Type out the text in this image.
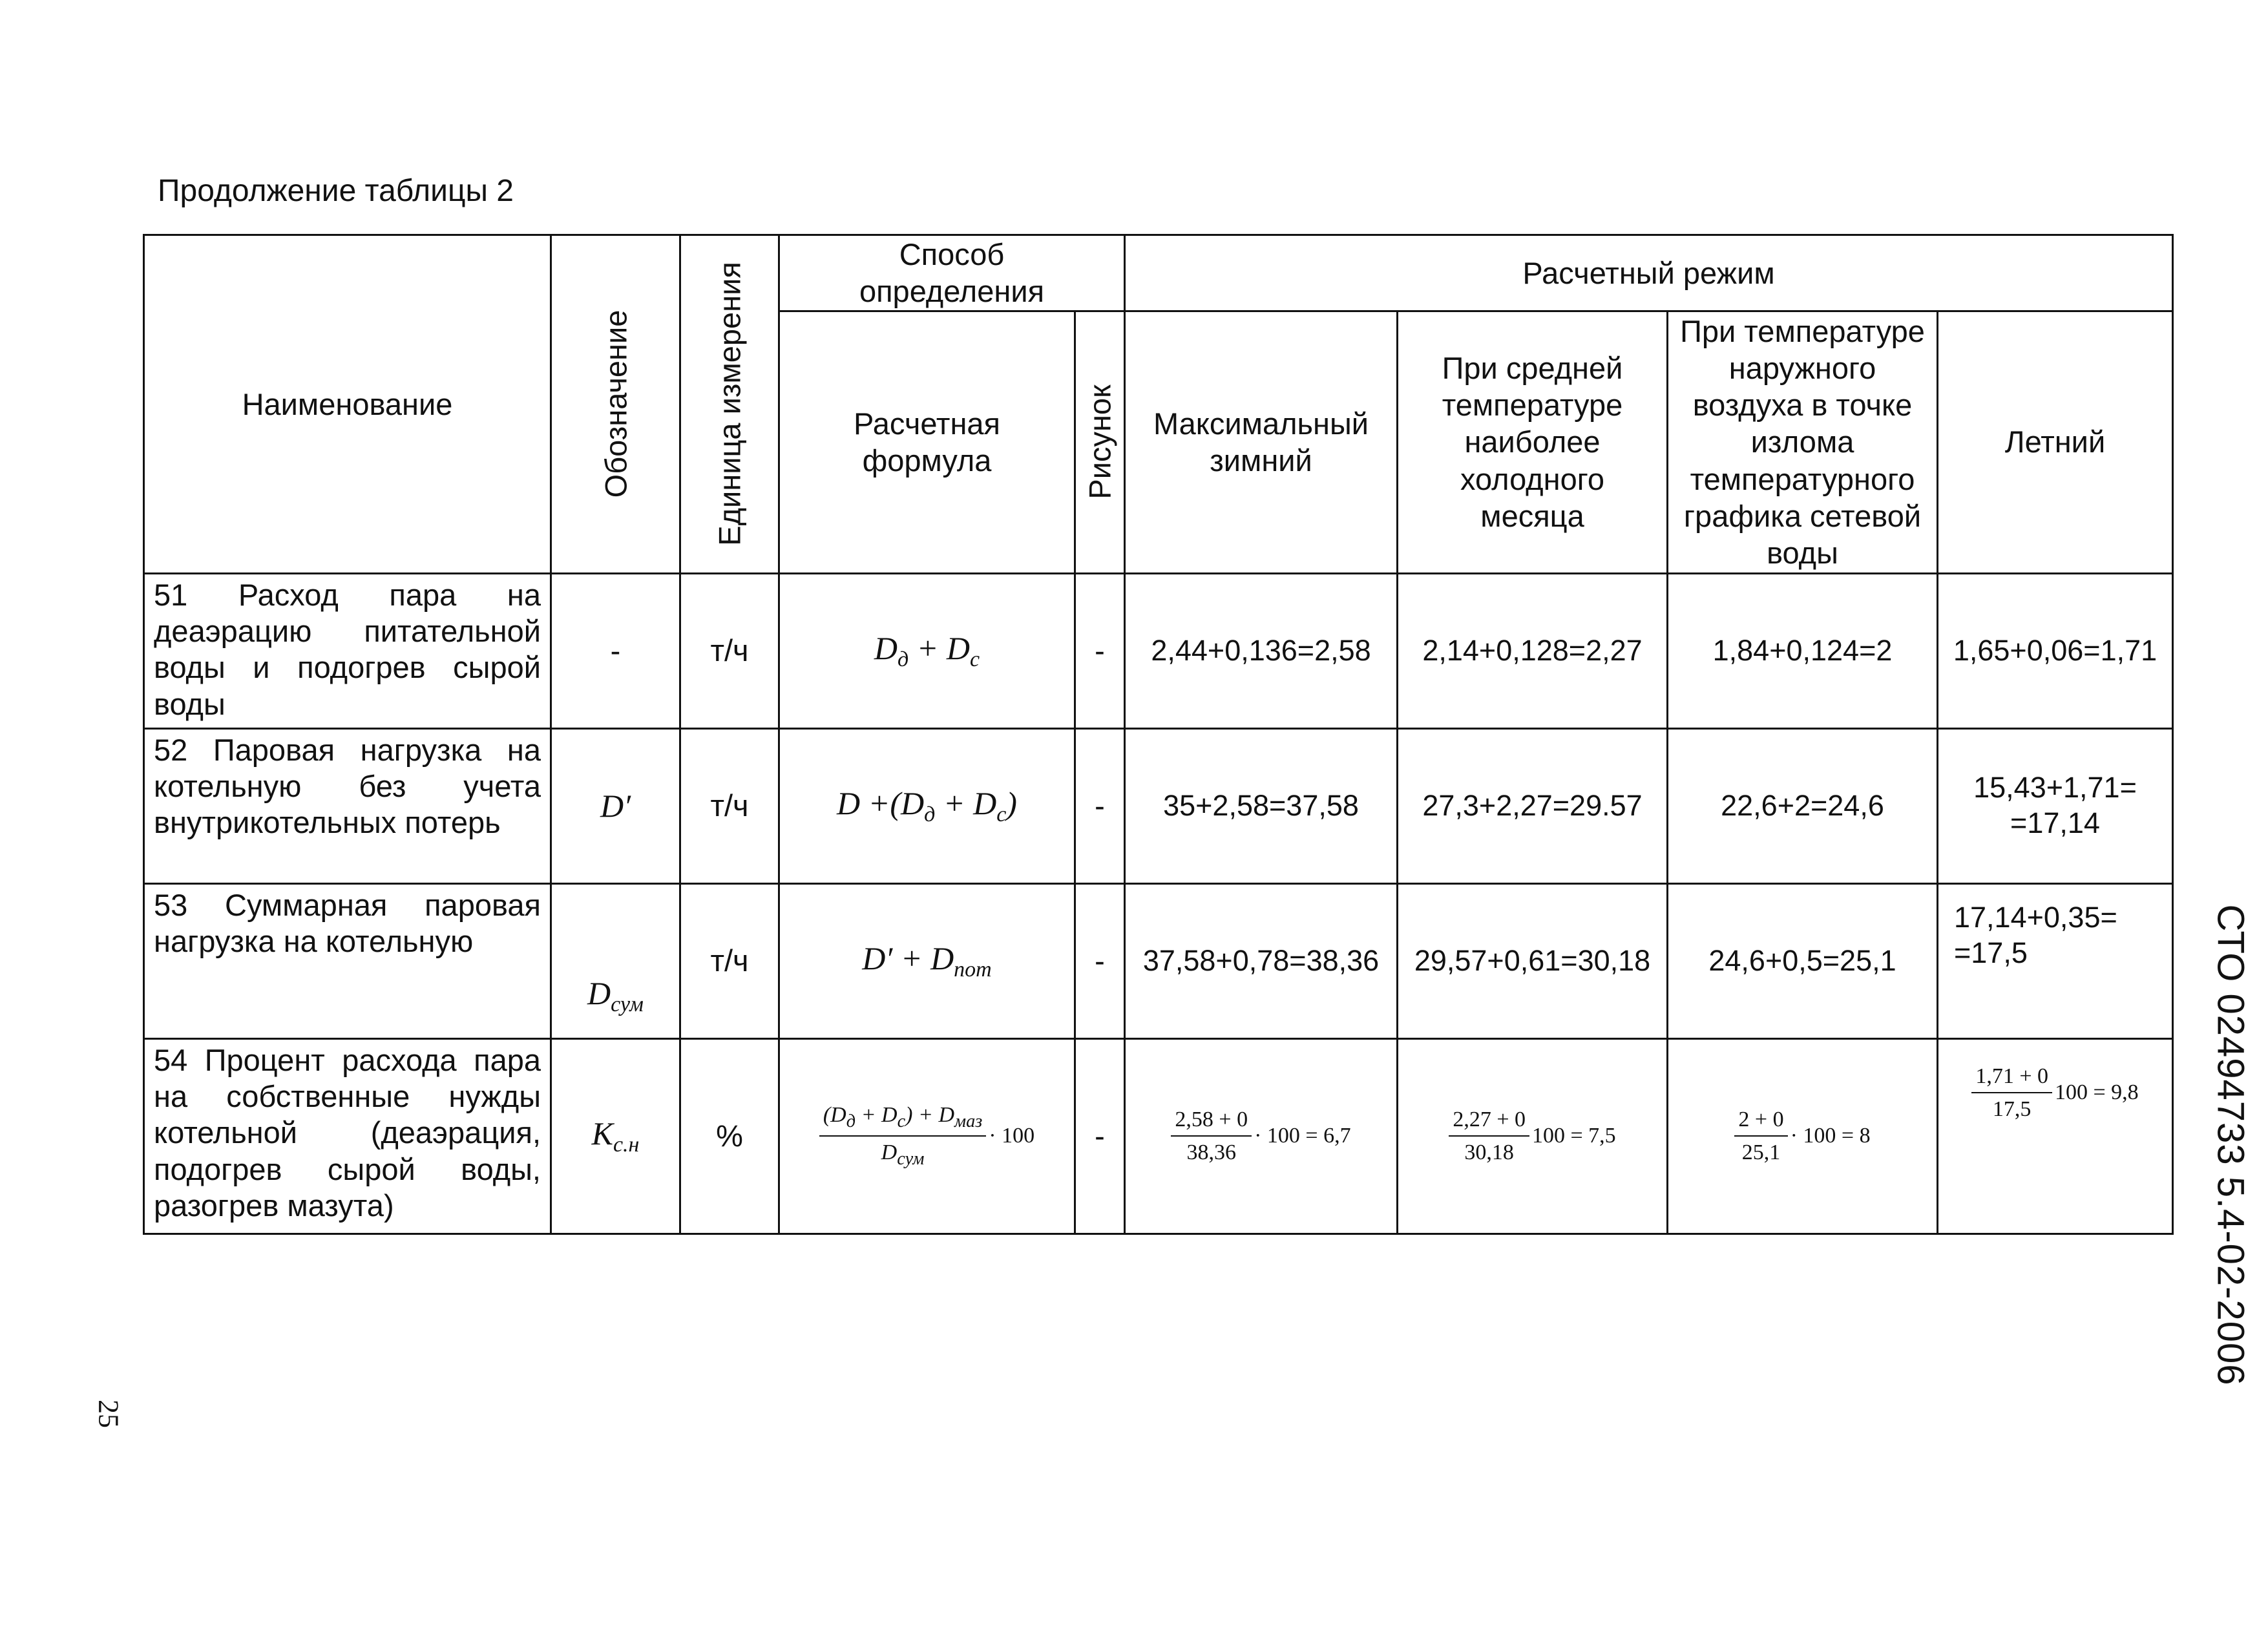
Продолжение таблицы 2
Наименование	Обозначение	Единица измерения	Способ определения		Расчетный режим			
			Расчетная формула	Рисунок	Максимальный зимний	При средней температуре наиболее холодного месяца	При температуре наружного воздуха в точке излома температурного графика сетевой воды	Летний
51 Расход пара на деаэрацию питательной воды и подогрев сырой воды	-	т/ч	$D_д + D_с$	-	2,44+0,136=2,58	2,14+0,128=2,27	1,84+0,124=2	1,65+0,06=1,71
52 Паровая нагрузка на котельную без учета внутрикотельных потерь	D′	т/ч	$D +(D_д + D_с)$	-	35+2,58=37,58	27,3+2,27=29.57	22,6+2=24,6	15,43+1,71=
=17,14

53 Суммарная паровая нагрузка на котельную	$D_{сум}$	т/ч	$D' + D_{пот}$	-	37,58+0,78=38,36	29,57+0,61=30,18	24,6+0,5=25,1	17,14+0,35=
=17,5

54 Процент расхода пара на собственные нужды котельной (деаэрация, подогрев сырой воды, разогрев мазута)	$K_{с.н}$	%	$\frac{(D_д + D_с) + D_{маз}}{D_{сум}} \cdot 100$	-	$\frac{2,58 + 0}{38,36} \cdot 100 = 6,7$	$\frac{2,27 + 0}{30,18} 100 = 7,5$	$\frac{2 + 0}{25,1} \cdot 100 = 8$	$\frac{1,71 + 0}{17,5} 100 = 9,8$ СТО 02494733 5.4-02-2006
25
